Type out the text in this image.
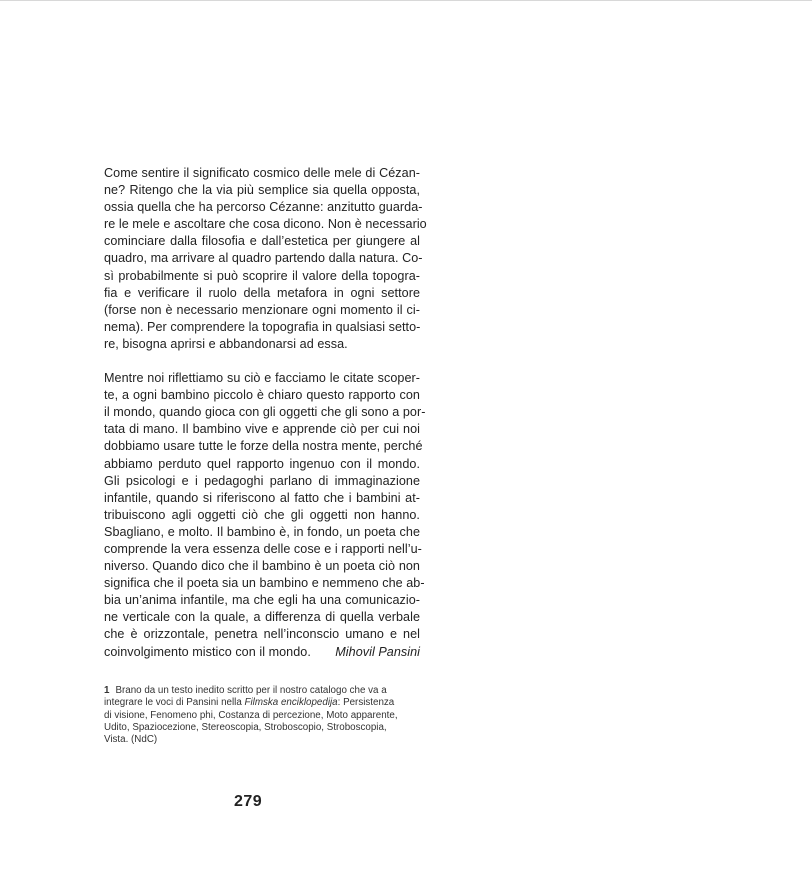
Come sentire il significato cosmico delle mele di Cézan-
ne? Ritengo che la via più semplice sia quella opposta,
ossia quella che ha percorso Cézanne: anzitutto guarda-
re le mele e ascoltare che cosa dicono. Non è necessario
cominciare dalla filosofia e dall’estetica per giungere al
quadro, ma arrivare al quadro partendo dalla natura. Co-
sì probabilmente si può scoprire il valore della topogra-
fia e verificare il ruolo della metafora in ogni settore
(forse non è necessario menzionare ogni momento il ci-
nema). Per comprendere la topografia in qualsiasi setto-
re, bisogna aprirsi e abbandonarsi ad essa.

Mentre noi riflettiamo su ciò e facciamo le citate scoper-
te, a ogni bambino piccolo è chiaro questo rapporto con
il mondo, quando gioca con gli oggetti che gli sono a por-
tata di mano. Il bambino vive e apprende ciò per cui noi
dobbiamo usare tutte le forze della nostra mente, perché
abbiamo perduto quel rapporto ingenuo con il mondo.
Gli psicologi e i pedagoghi parlano di immaginazione
infantile, quando si riferiscono al fatto che i bambini at-
tribuiscono agli oggetti ciò che gli oggetti non hanno.
Sbagliano, e molto. Il bambino è, in fondo, un poeta che
comprende la vera essenza delle cose e i rapporti nell’u-
niverso. Quando dico che il bambino è un poeta ciò non
significa che il poeta sia un bambino e nemmeno che ab-
bia un’anima infantile, ma che egli ha una comunicazio-
ne verticale con la quale, a differenza di quella verbale
che è orizzontale, penetra nell’inconscio umano e nel
coinvolgimento mistico con il mondo. Mihovil Pansini

1 Brano da un testo inedito scritto per il nostro catalogo che va a
integrare le voci di Pansini nella Filmska enciklopedija: Persistenza
di visione, Fenomeno phi, Costanza di percezione, Moto apparente,
Udito, Spaziocezione, Stereoscopia, Stroboscopio, Stroboscopia,
Vista. (NdC)
279
